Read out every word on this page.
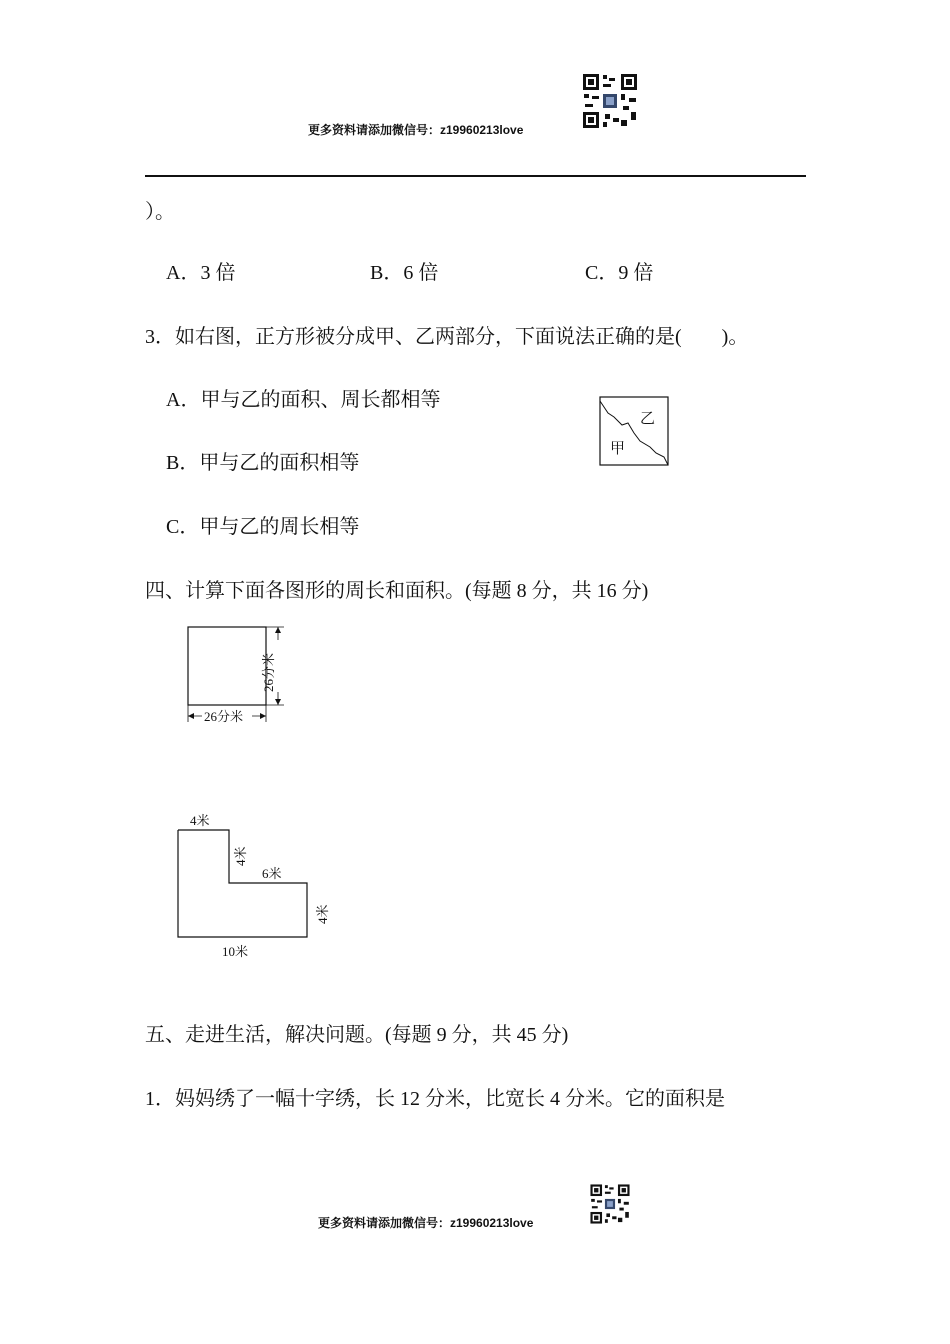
更多资料请添加微信号：z19960213love
）。
A．3 倍	B．6 倍	C．9 倍
3．如右图，正方形被分成甲、乙两部分，下面说法正确的是(　　)。
A．甲与乙的面积、周长都相等
B．甲与乙的面积相等
C．甲与乙的周长相等
乙
甲
四、计算下面各图形的周长和面积。(每题 8 分，共 16 分)
26分米
26分米
4米
4米
6米
4米
10米
五、走进生活，解决问题。(每题 9 分，共 45 分)
1．妈妈绣了一幅十字绣，长 12 分米，比宽长 4 分米。它的面积是
更多资料请添加微信号：z19960213love
